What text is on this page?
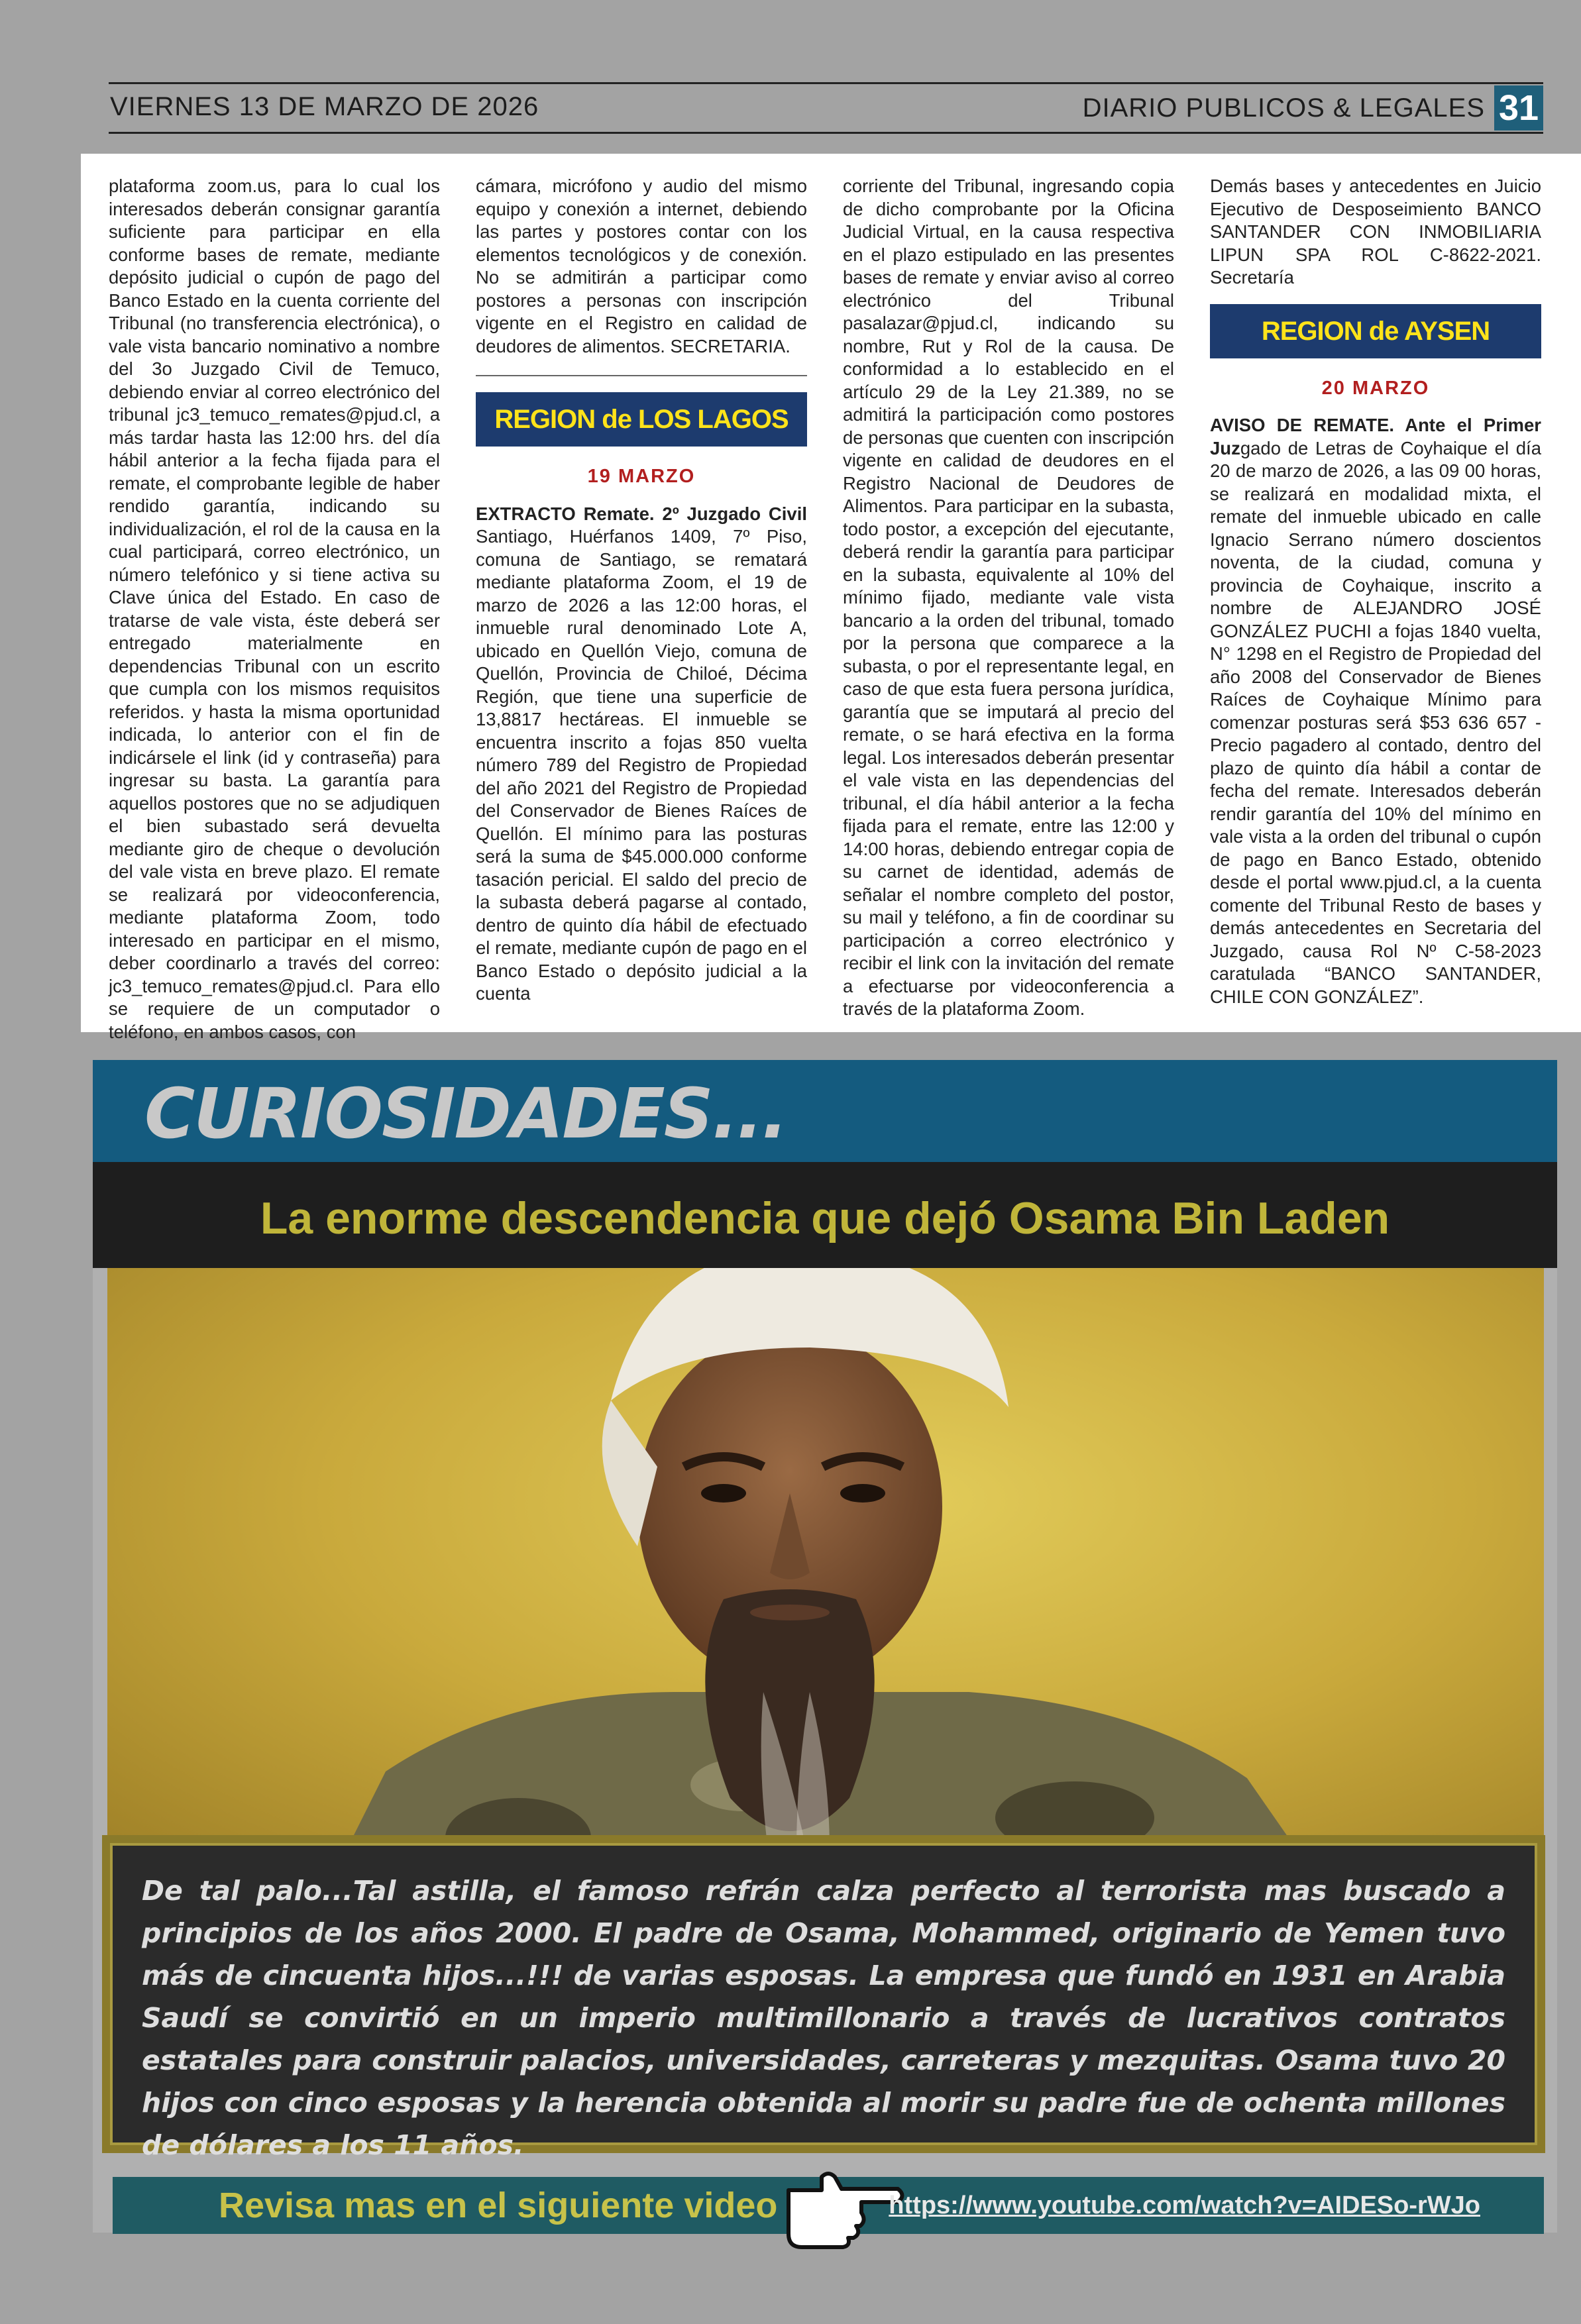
VIERNES 13 DE MARZO DE 2026	DIARIO PUBLICOS & LEGALES 31

plataforma zoom.us, para lo cual los interesados deberán consignar garantía suficiente para participar en ella conforme bases de remate, mediante depósito judicial o cupón de pago del Banco Estado en la cuenta corriente del Tribunal (no transferencia electrónica), o vale vista bancario nominativo a nombre del 3o Juzgado Civil de Temuco, debiendo enviar al correo electrónico del tribunal jc3_temuco_remates@pjud.cl, a más tardar hasta las 12:00 hrs. del día hábil anterior a la fecha fijada para el remate, el comprobante legible de haber rendido garantía, indicando su individualización, el rol de la causa en la cual participará, correo electrónico, un número telefónico y si tiene activa su Clave única del Estado. En caso de tratarse de vale vista, éste deberá ser entregado materialmente en dependencias Tribunal con un escrito que cumpla con los mismos requisitos referidos. y hasta la misma oportunidad indicada, lo anterior con el fin de indicársele el link (id y contraseña) para ingresar su basta. La garantía para aquellos postores que no se adjudiquen el bien subastado será devuelta mediante giro de cheque o devolución del vale vista en breve plazo. El remate se realizará por videoconferencia, mediante plataforma Zoom, todo interesado en participar en el mismo, deber coordinarlo a través del correo: jc3_temuco_remates@pjud.cl. Para ello se requiere de un computador o teléfono, en ambos casos, con

cámara, micrófono y audio del mismo equipo y conexión a internet, debiendo las partes y postores contar con los elementos tecnológicos y de conexión. No se admitirán a participar como postores a personas con inscripción vigente en el Registro en calidad de deudores de alimentos. SECRETARIA.

REGION de LOS LAGOS
19 MARZO

EXTRACTO Remate. 2º Juzgado Civil Santiago, Huérfanos 1409, 7º Piso, comuna de Santiago, se rematará mediante plataforma Zoom, el 19 de marzo de 2026 a las 12:00 horas, el inmueble rural denominado Lote A, ubicado en Quellón Viejo, comuna de Quellón, Provincia de Chiloé, Décima Región, que tiene una superficie de 13,8817 hectáreas. El inmueble se encuentra inscrito a fojas 850 vuelta número 789 del Registro de Propiedad del año 2021 del Registro de Propiedad del Conservador de Bienes Raíces de Quellón. El mínimo para las posturas será la suma de $45.000.000 conforme tasación pericial. El saldo del precio de la subasta deberá pagarse al contado, dentro de quinto día hábil de efectuado el remate, mediante cupón de pago en el Banco Estado o depósito judicial a la cuenta

corriente del Tribunal, ingresando copia de dicho comprobante por la Oficina Judicial Virtual, en la causa respectiva en el plazo estipulado en las presentes bases de remate y enviar aviso al correo electrónico del Tribunal pasalazar@pjud.cl, indicando su nombre, Rut y Rol de la causa. De conformidad a lo establecido en el artículo 29 de la Ley 21.389, no se admitirá la participación como postores de personas que cuenten con inscripción vigente en calidad de deudores en el Registro Nacional de Deudores de Alimentos. Para participar en la subasta, todo postor, a excepción del ejecutante, deberá rendir la garantía para participar en la subasta, equivalente al 10% del mínimo fijado, mediante vale vista bancario a la orden del tribunal, tomado por la persona que comparece a la subasta, o por el representante legal, en caso de que esta fuera persona jurídica, garantía que se imputará al precio del remate, o se hará efectiva en la forma legal. Los interesados deberán presentar el vale vista en las dependencias del tribunal, el día hábil anterior a la fecha fijada para el remate, entre las 12:00 y 14:00 horas, debiendo entregar copia de su carnet de identidad, además de señalar el nombre completo del postor, su mail y teléfono, a fin de coordinar su participación a correo electrónico y recibir el link con la invitación del remate a efectuarse por videoconferencia a través de la plataforma Zoom.

Demás bases y antecedentes en Juicio Ejecutivo de Desposeimiento BANCO SANTANDER CON INMOBILIARIA LIPUN SPA ROL C-8622-2021. Secretaría

REGION de AYSEN
20 MARZO

AVISO DE REMATE. Ante el Primer Juzgado de Letras de Coyhaique el día 20 de marzo de 2026, a las 09 00 horas, se realizará en modalidad mixta, el remate del inmueble ubicado en calle Ignacio Serrano número doscientos noventa, de la ciudad, comuna y provincia de Coyhaique, inscrito a nombre de ALEJANDRO JOSÉ GONZÁLEZ PUCHI a fojas 1840 vuelta, N° 1298 en el Registro de Propiedad del año 2008 del Conservador de Bienes Raíces de Coyhaique Mínimo para comenzar posturas será $53 636 657 - Precio pagadero al contado, dentro del plazo de quinto día hábil a contar de fecha del remate. Interesados deberán rendir garantía del 10% del mínimo en vale vista a la orden del tribunal o cupón de pago en Banco Estado, obtenido desde el portal www.pjud.cl, a la cuenta comente del Tribunal Resto de bases y demás antecedentes en Secretaria del Juzgado, causa Rol Nº C-58-2023 caratulada “BANCO SANTANDER, CHILE CON GONZÁLEZ”.

CURIOSIDADES...
La enorme descendencia que dejó Osama Bin Laden
De tal palo...Tal astilla, el famoso refrán calza perfecto al terrorista mas buscado a principios de los años 2000. El padre de Osama, Mohammed, originario de Yemen tuvo más de cincuenta hijos...!!! de varias esposas. La empresa que fundó en 1931 en Arabia Saudí se convirtió en un imperio multimillonario a través de lucrativos contratos estatales para construir palacios, universidades, carreteras y mezquitas. Osama tuvo 20 hijos con cinco esposas y la herencia obtenida al morir su padre fue de ochenta millones de dólares a los 11 años.
Revisa mas en el siguiente video	https://www.youtube.com/watch?v=AIDESo-rWJo
